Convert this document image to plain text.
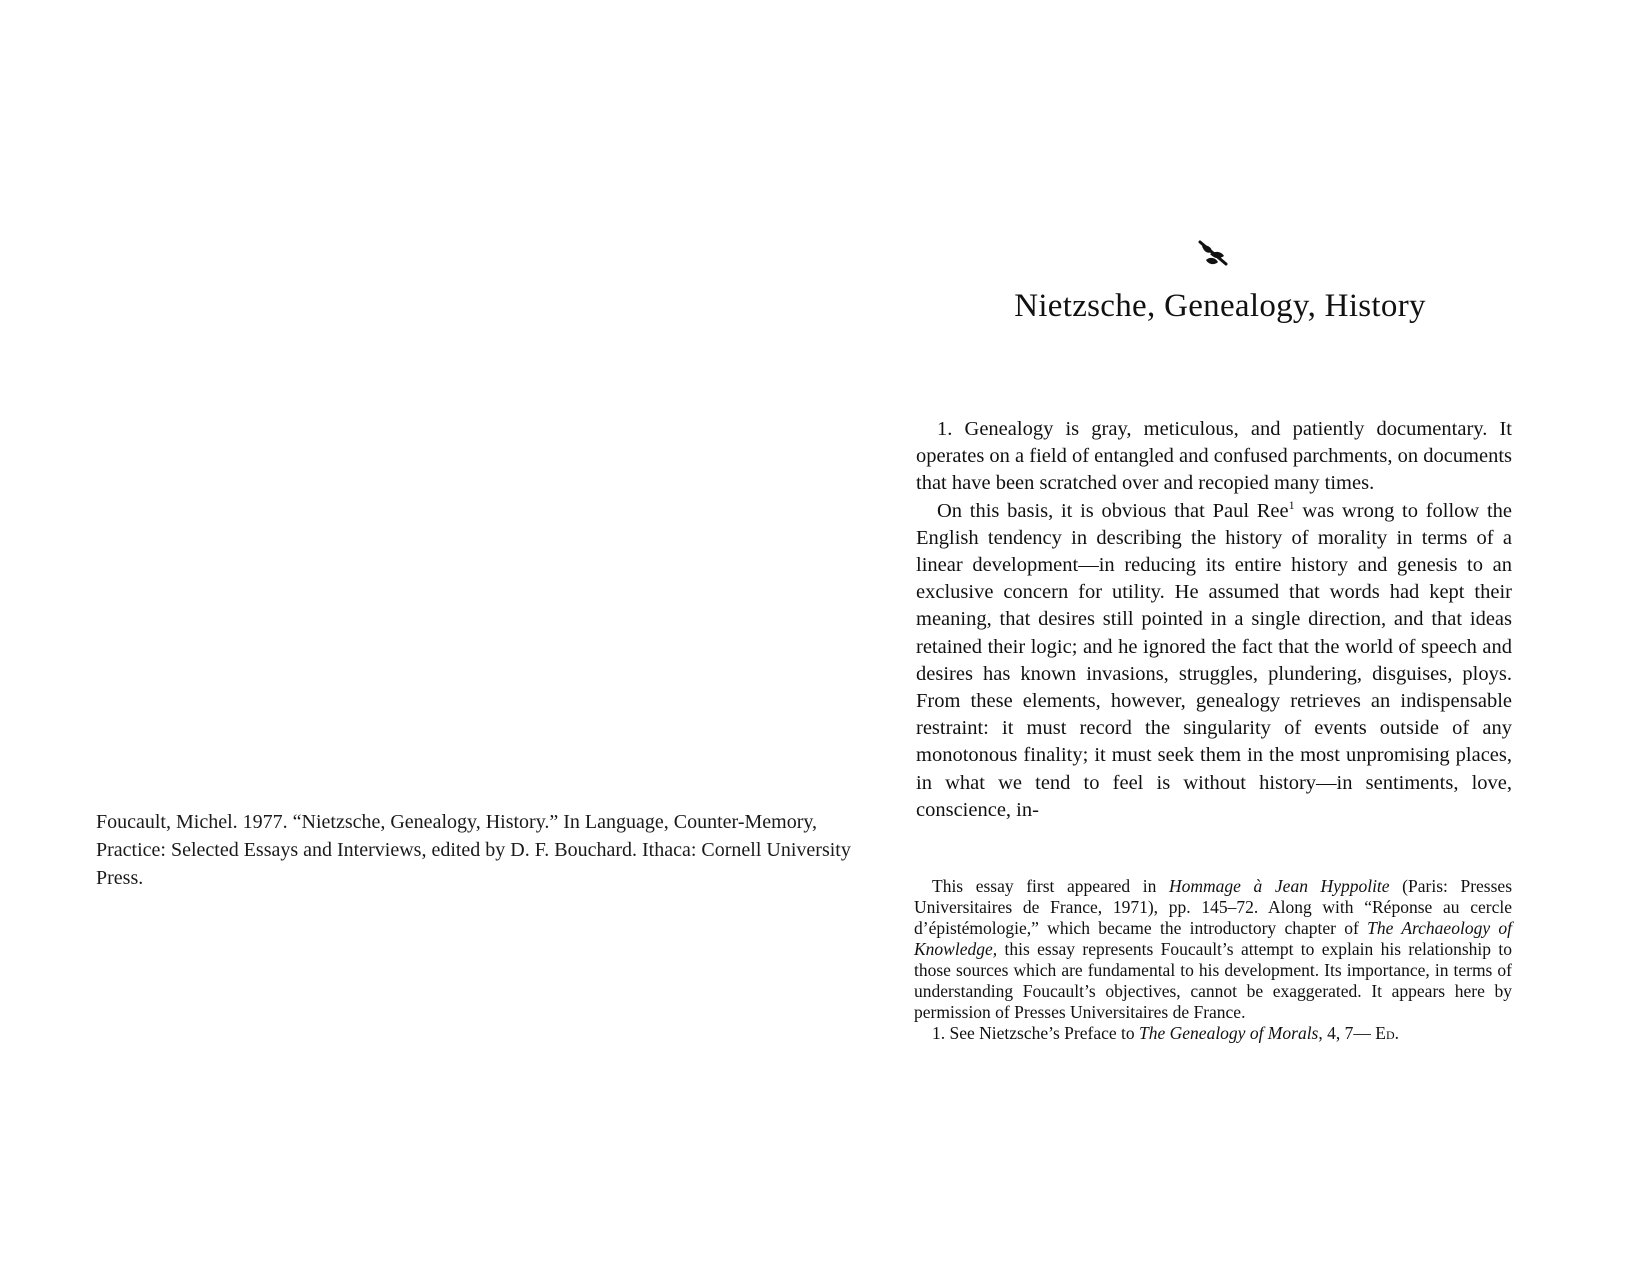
Foucault, Michel. 1977. “Nietzsche, Genealogy, History.” In Language, Counter-Memory, Practice: Selected Essays and Interviews, edited by D. F. Bouchard. Ithaca: Cornell University Press.
Nietzsche, Genealogy, History

1. Genealogy is gray, meticulous, and patiently documentary. It operates on a field of entangled and confused parchments, on documents that have been scratched over and recopied many times.

On this basis, it is obvious that Paul Ree$^1$ was wrong to follow the English tendency in describing the history of morality in terms of a linear development—in reducing its entire history and genesis to an exclusive concern for utility. He assumed that words had kept their meaning, that desires still pointed in a single direction, and that ideas retained their logic; and he ignored the fact that the world of speech and desires has known invasions, struggles, plundering, disguises, ploys. From these elements, however, genealogy retrieves an indispensable restraint: it must record the singularity of events outside of any monotonous finality; it must seek them in the most unpromising places, in what we tend to feel is without history—in sentiments, love, conscience, in-

This essay first appeared in Hommage à Jean Hyppolite (Paris: Presses Universitaires de France, 1971), pp. 145–72. Along with “Réponse au cercle d’épistémologie,” which became the introductory chapter of The Archaeology of Knowledge, this essay represents Foucault’s attempt to explain his relationship to those sources which are fundamental to his development. Its importance, in terms of understanding Foucault’s objectives, cannot be exaggerated. It appears here by permission of Presses Universitaires de France.

1. See Nietzsche’s Preface to The Genealogy of Morals, 4, 7— Ed.
